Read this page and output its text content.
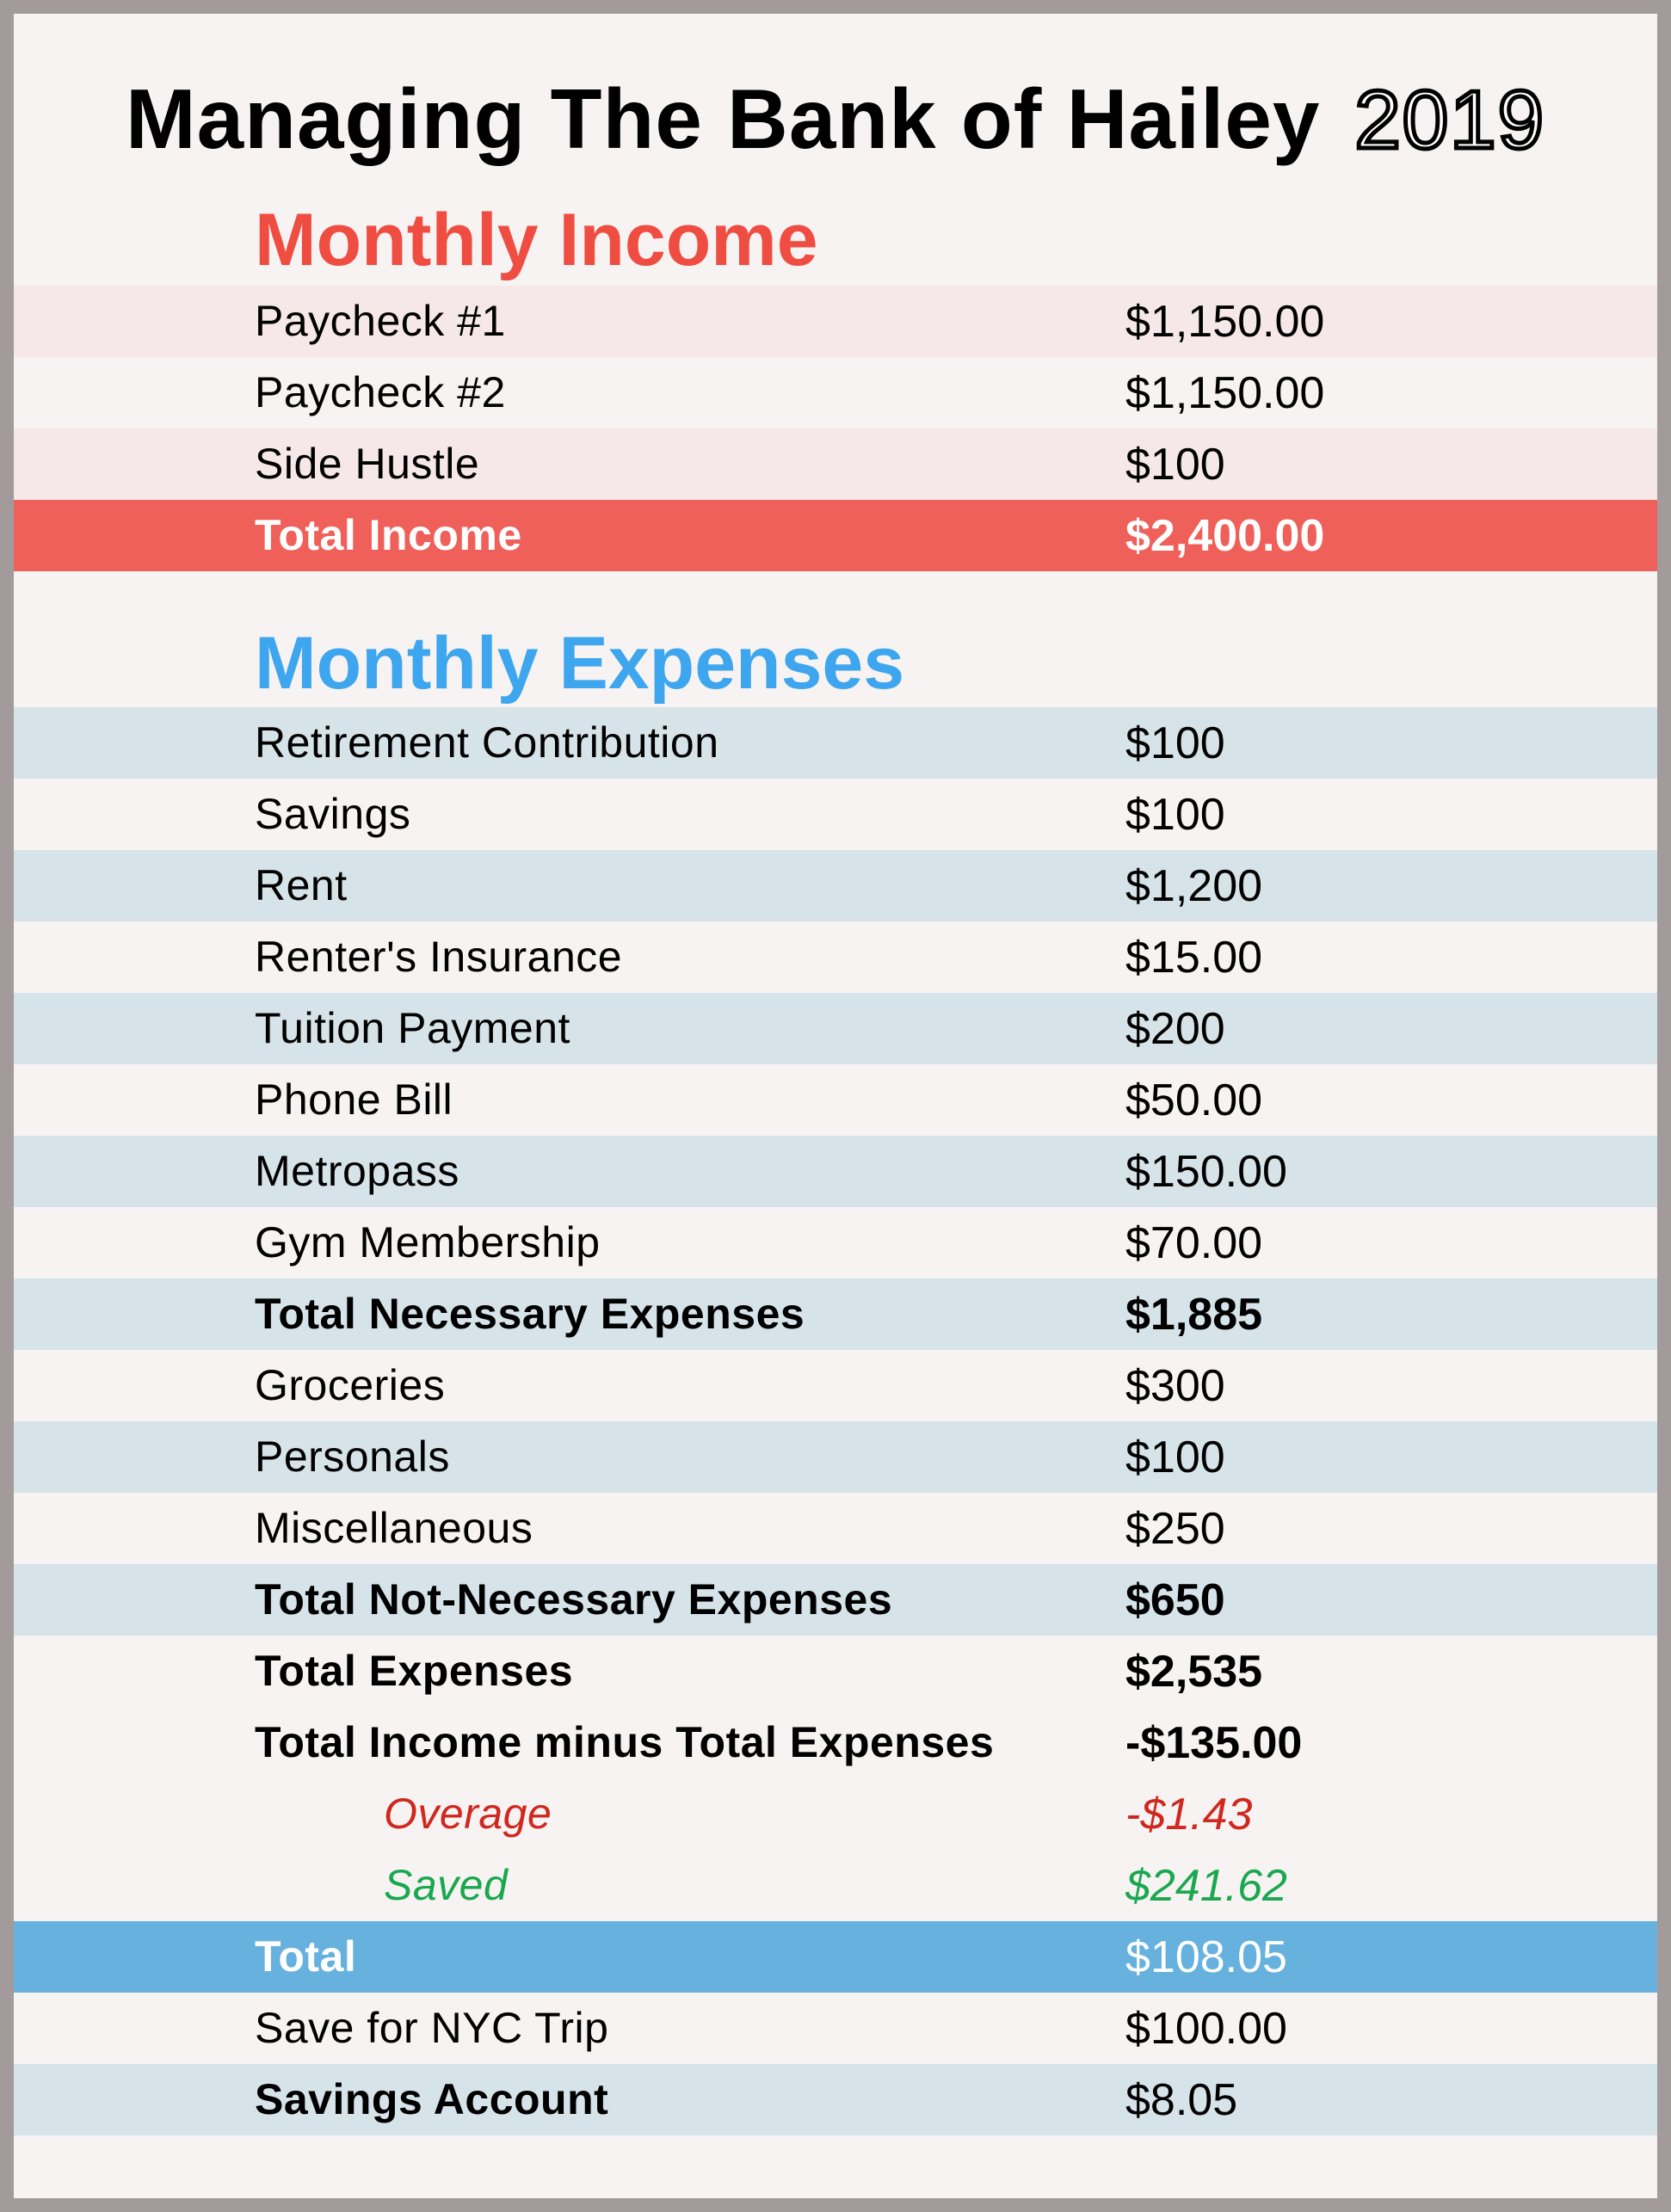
Managing The Bank of Hailey 2019
Monthly Income
Paycheck #1	$1,150.00
Paycheck #2	$1,150.00
Side Hustle	$100
Total Income	$2,400.00
Monthly Expenses
Retirement Contribution	$100
Savings	$100
Rent	$1,200
Renter's Insurance	$15.00
Tuition Payment	$200
Phone Bill	$50.00
Metropass	$150.00
Gym Membership	$70.00
Total Necessary Expenses	$1,885
Groceries	$300
Personals	$100
Miscellaneous	$250
Total Not-Necessary Expenses	$650
Total Expenses	$2,535
Total Income minus Total Expenses	-$135.00
Overage	-$1.43
Saved	$241.62
Total	$108.05
Save for NYC Trip	$100.00
Savings Account	$8.05
